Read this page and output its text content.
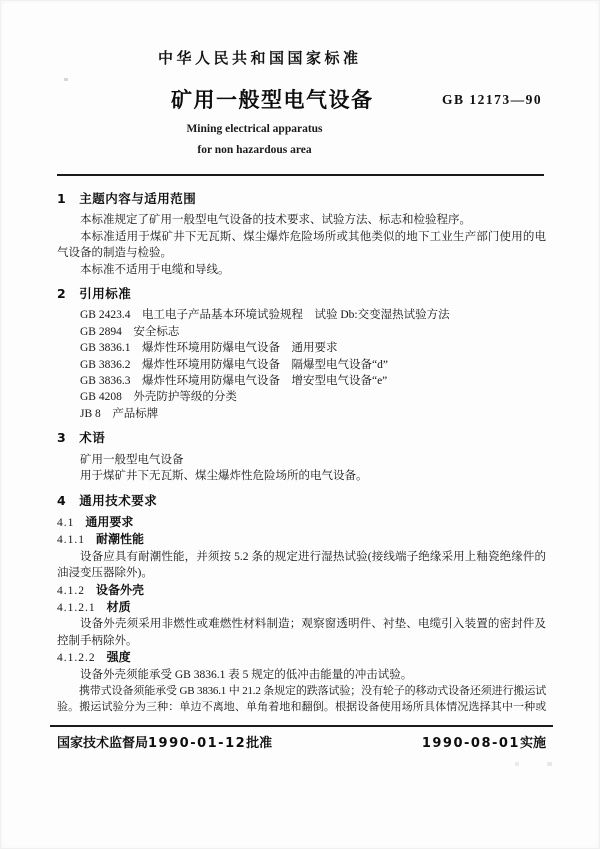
中华人民共和国国家标准
矿用一般型电气设备	GB 12173—90
Mining electrical apparatus
for non hazardous area
1 主题内容与适用范围

本标准规定了矿用一般型电气设备的技术要求、试验方法、标志和检验程序。

本标准适用于煤矿井下无瓦斯、煤尘爆炸危险场所或其他类似的地下工业生产部门使用的电气设备的制造与检验。

本标准不适用于电缆和导线。

2 引用标准
GB 2423.4　电工电子产品基本环境试验规程　试验 Db:交变湿热试验方法
GB 2894　安全标志
GB 3836.1　爆炸性环境用防爆电气设备　通用要求
GB 3836.2　爆炸性环境用防爆电气设备　隔爆型电气设备“d”
GB 3836.3　爆炸性环境用防爆电气设备　增安型电气设备“e”
GB 4208　外壳防护等级的分类
JB 8　产品标牌
3 术语
矿用一般型电气设备
用于煤矿井下无瓦斯、煤尘爆炸性危险场所的电气设备。
4 通用技术要求
4.1 通用要求
4.1.1 耐潮性能

设备应具有耐潮性能，并须按 5.2 条的规定进行湿热试验(接线端子绝缘采用上釉瓷绝缘件的油浸变压器除外)。

4.1.2 设备外壳
4.1.2.1 材质

设备外壳须采用非燃性或难燃性材料制造；观察窗透明件、衬垫、电缆引入装置的密封件及控制手柄除外。

4.1.2.2 强度

设备外壳须能承受 GB 3836.1 表 5 规定的低冲击能量的冲击试验。

携带式设备须能承受 GB 3836.1 中 21.2 条规定的跌落试验；没有轮子的移动式设备还须进行搬运试验。搬运试验分为三种：单边不离地、单角着地和翻倒。根据设备使用场所具体情况选择其中一种或

国家技术监督局1990-01-12批准	1990-08-01实施
